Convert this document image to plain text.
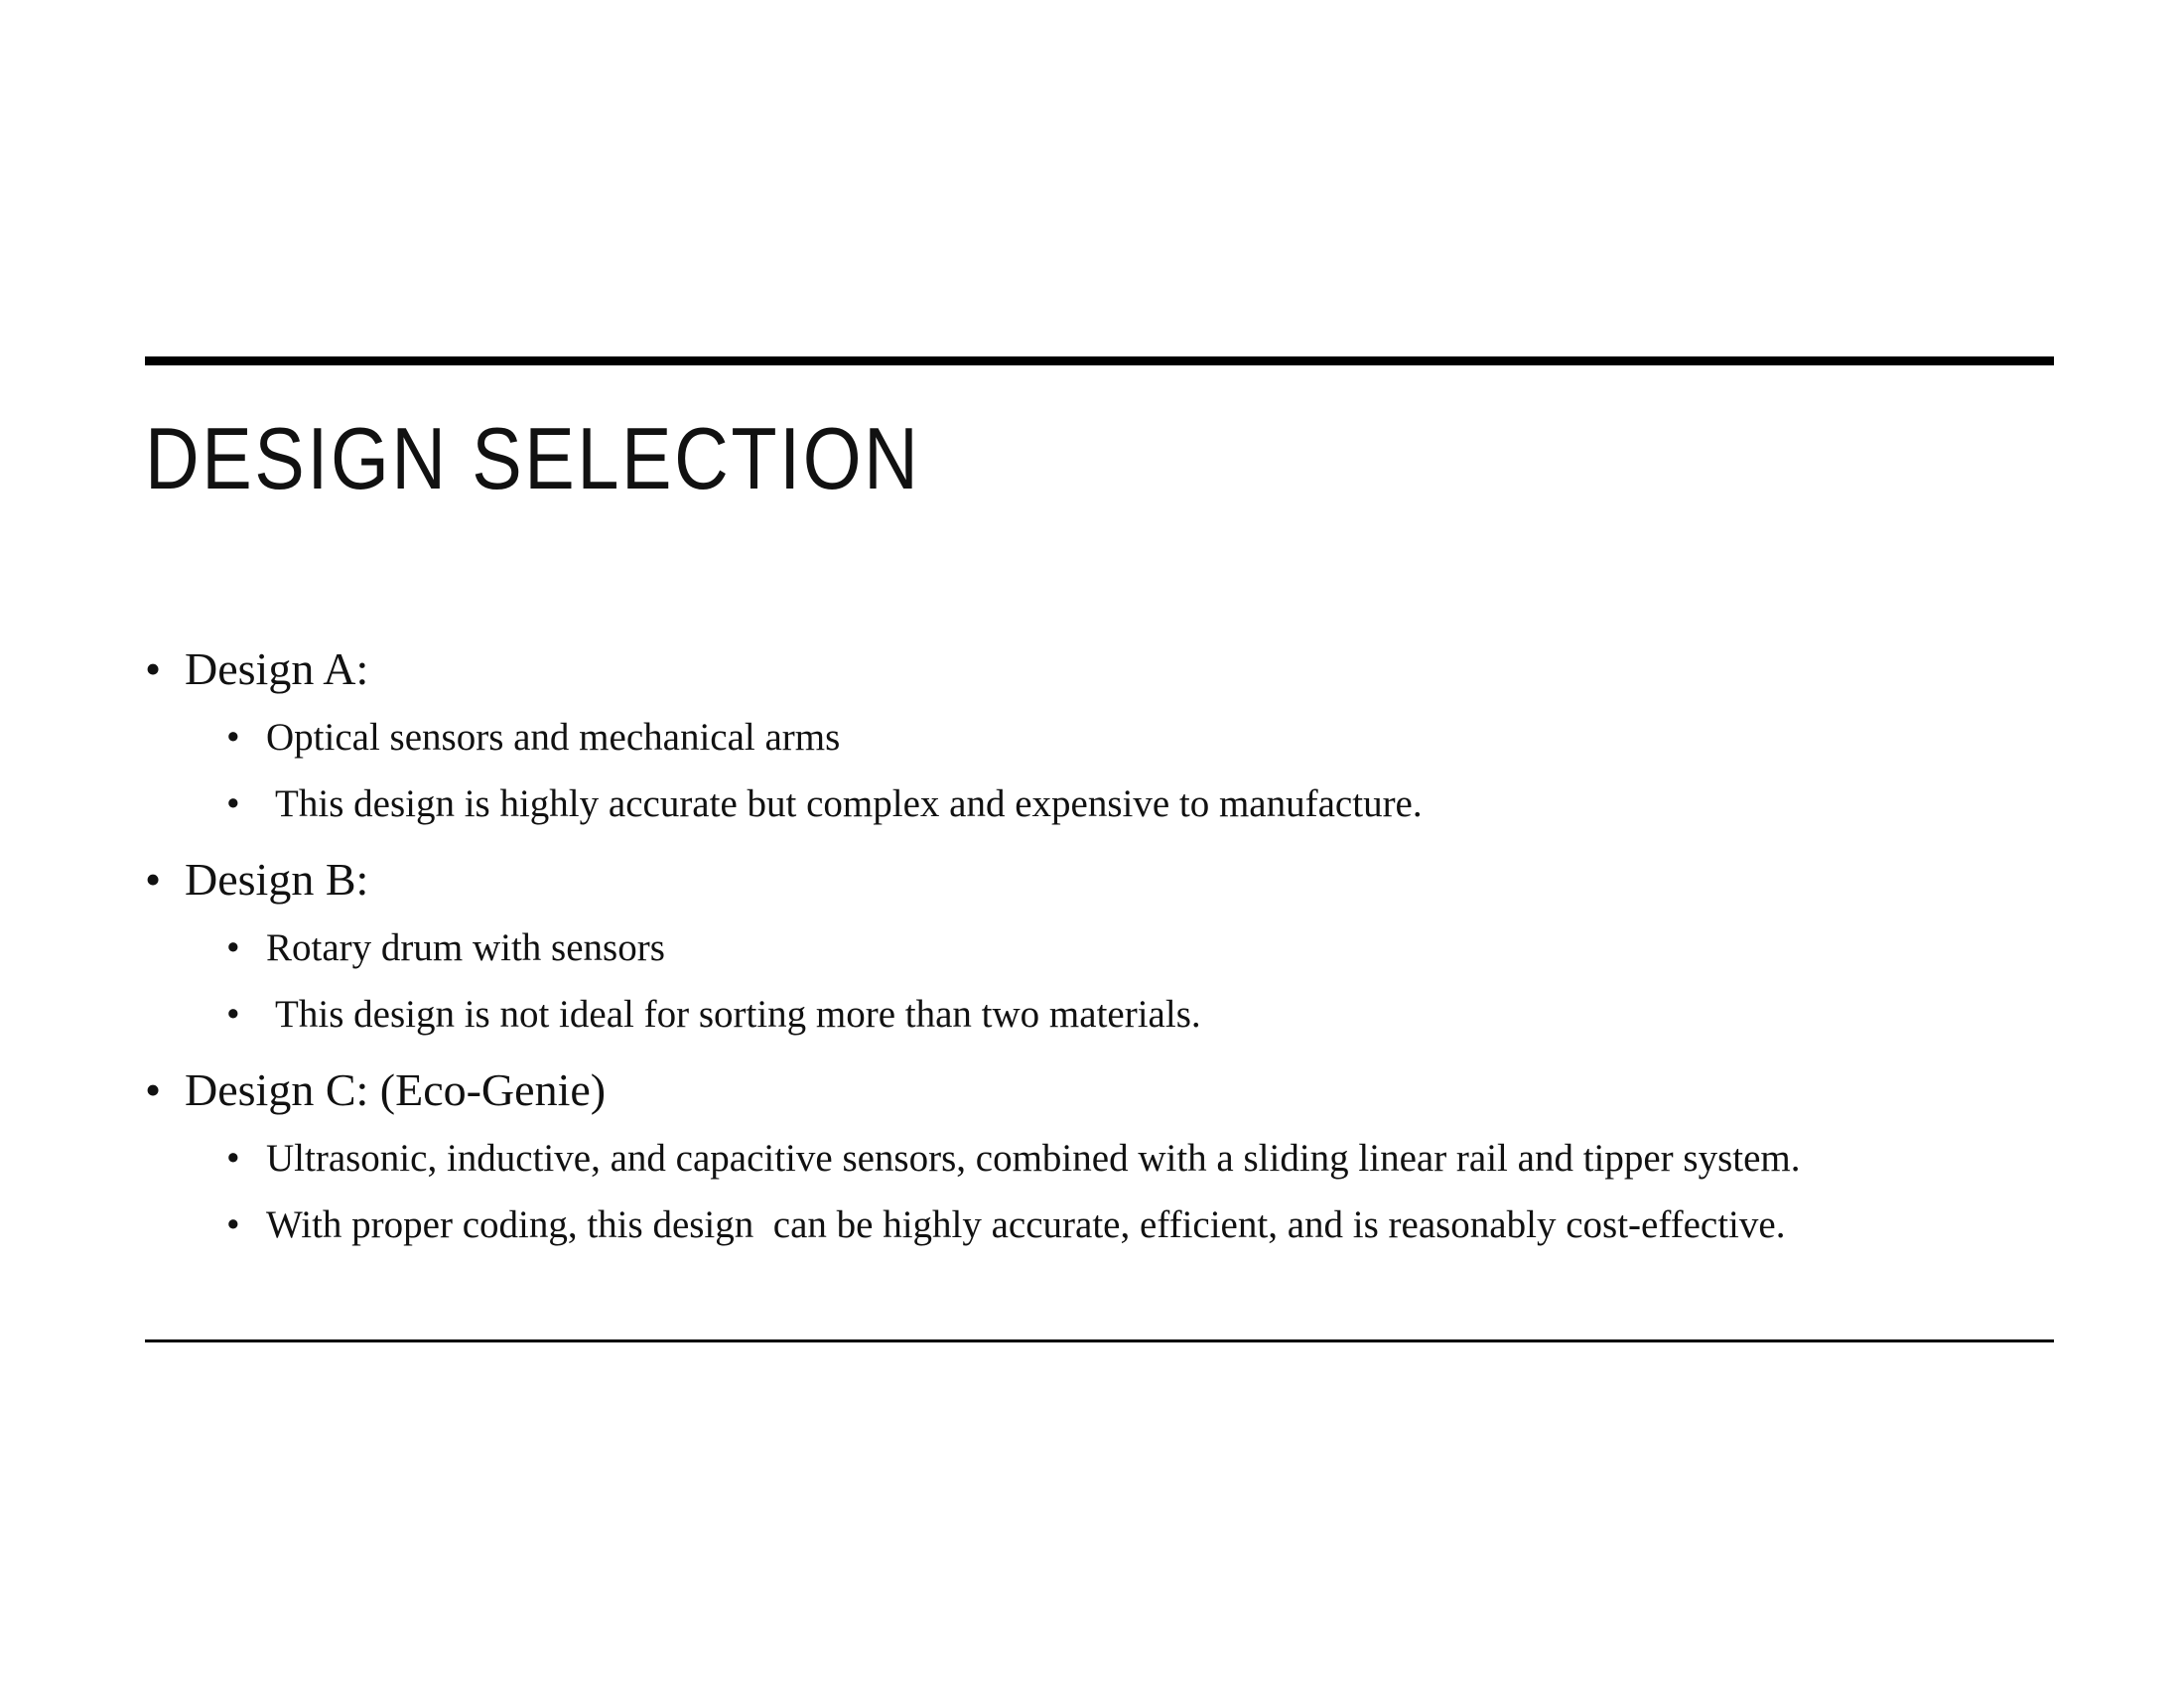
DESIGN SELECTION
• Design A:
• Optical sensors and mechanical arms
• This design is highly accurate but complex and expensive to manufacture.
• Design B:
• Rotary drum with sensors
• This design is not ideal for sorting more than two materials.
• Design C: (Eco-Genie)
• Ultrasonic, inductive, and capacitive sensors, combined with a sliding linear rail and tipper system.
• With proper coding, this design  can be highly accurate, efficient, and is reasonably cost-effective.
